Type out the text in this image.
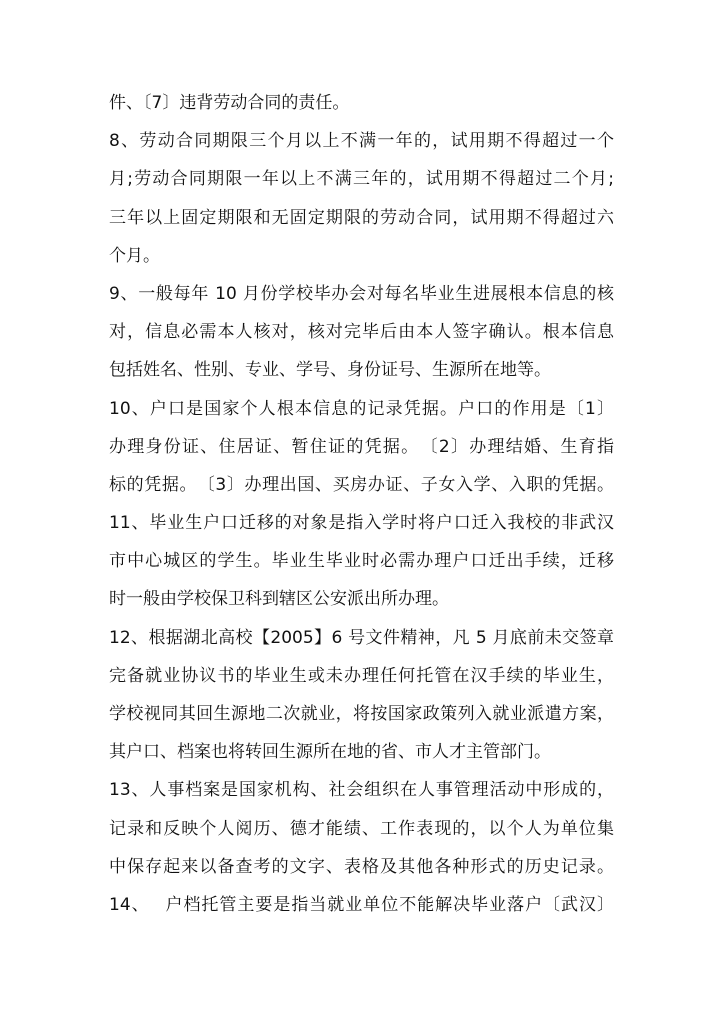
件、〔7〕违背劳动合同的责任。
8、劳动合同期限三个月以上不满一年的，试用期不得超过一个
月;劳动合同期限一年以上不满三年的，试用期不得超过二个月;
三年以上固定期限和无固定期限的劳动合同，试用期不得超过六
个月。
9、一般每年 10 月份学校毕办会对每名毕业生进展根本信息的核
对，信息必需本人核对，核对完毕后由本人签字确认。根本信息
包括姓名、性别、专业、学号、身份证号、生源所在地等。
10、户口是国家个人根本信息的记录凭据。户口的作用是〔1〕
办理身份证、住居证、暂住证的凭据。　〔2〕办理结婚、生育指
标的凭据。　〔3〕办理出国、买房办证、子女入学、入职的凭据。
11、毕业生户口迁移的对象是指入学时将户口迁入我校的非武汉
市中心城区的学生。毕业生毕业时必需办理户口迁出手续，迁移
时一般由学校保卫科到辖区公安派出所办理。
12、根据湖北高校【2005】6 号文件精神，凡 5 月底前未交签章
完备就业协议书的毕业生或未办理任何托管在汉手续的毕业生，
学校视同其回生源地二次就业，将按国家政策列入就业派遣方案，
其户口、档案也将转回生源所在地的省、市人才主管部门。
13、人事档案是国家机构、社会组织在人事管理活动中形成的，
记录和反映个人阅历、德才能绩、工作表现的，以个人为单位集
中保存起来以备查考的文字、表格及其他各种形式的历史记录。
14、　 户档托管主要是指当就业单位不能解决毕业落户〔武汉〕
